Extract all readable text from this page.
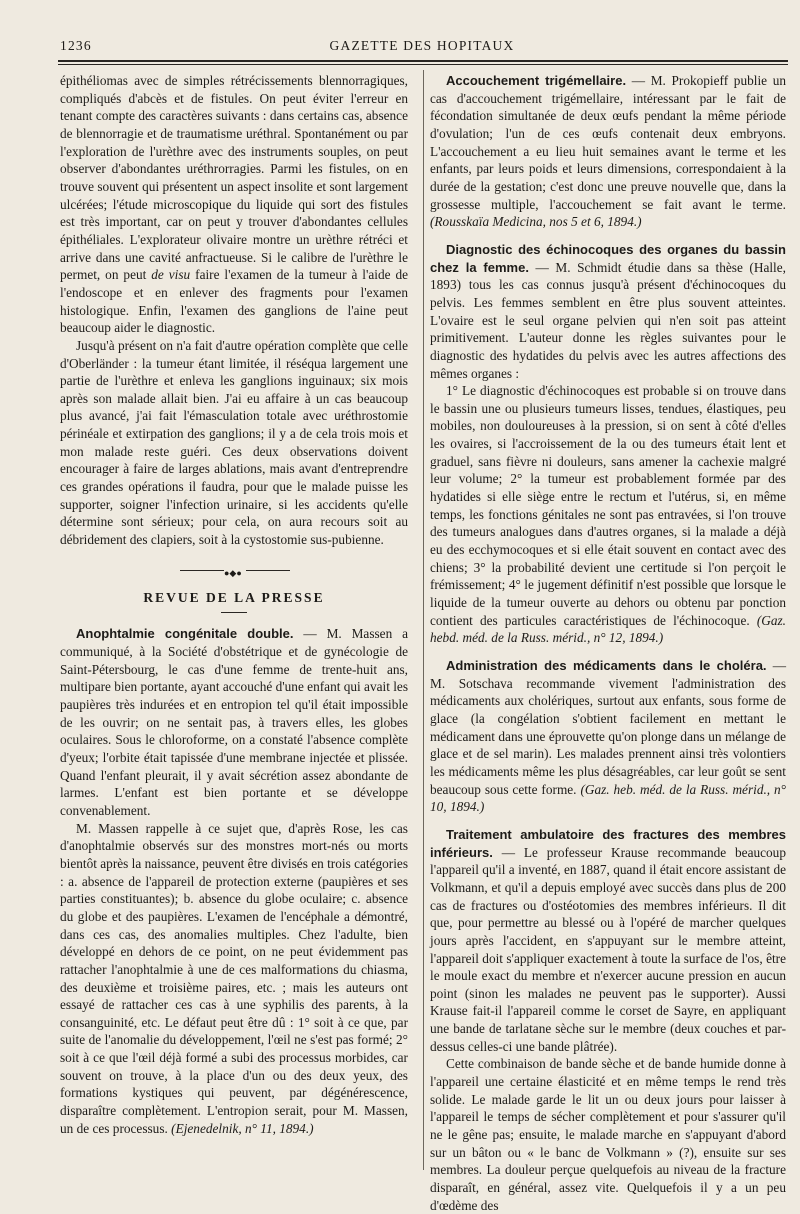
1236	GAZETTE DES HOPITAUX

épithéliomas avec de simples rétrécissements blennorragiques, compliqués d'abcès et de fistules. On peut éviter l'erreur en tenant compte des caractères suivants : dans certains cas, absence de blennorragie et de traumatisme uréthral. Spontanément ou par l'exploration de l'urèthre avec des instruments souples, on peut observer d'abondantes uréthrorragies. Parmi les fistules, on en trouve souvent qui présentent un aspect insolite et sont largement ulcérées; l'étude microscopique du liquide qui sort des fistules est très important, car on peut y trouver d'abondantes cellules épithéliales. L'explorateur olivaire montre un urèthre rétréci et arrive dans une cavité anfractueuse. Si le calibre de l'urèthre le permet, on peut de visu faire l'examen de la tumeur à l'aide de l'endoscope et en enlever des fragments pour l'examen histologique. Enfin, l'examen des ganglions de l'aine peut beaucoup aider le diagnostic.

Jusqu'à présent on n'a fait d'autre opération complète que celle d'Oberländer : la tumeur étant limitée, il réséqua largement une partie de l'urèthre et enleva les ganglions inguinaux; six mois après son malade allait bien. J'ai eu affaire à un cas beaucoup plus avancé, j'ai fait l'émasculation totale avec uréthrostomie périnéale et extirpation des ganglions; il y a de cela trois mois et mon malade reste guéri. Ces deux observations doivent encourager à faire de larges ablations, mais avant d'entreprendre ces grandes opérations il faudra, pour que le malade puisse les supporter, soigner l'infection urinaire, si les accidents qu'elle détermine sont sérieux; pour cela, on aura recours soit au débridement des clapiers, soit à la cystostomie sus-pubienne.

●◆●
REVUE DE LA PRESSE

Anophtalmie congénitale double. — M. Massen a communiqué, à la Société d'obstétrique et de gynécologie de Saint-Pétersbourg, le cas d'une femme de trente-huit ans, multipare bien portante, ayant accouché d'une enfant qui avait les paupières très indurées et en entropion tel qu'il était impossible de les ouvrir; on ne sentait pas, à travers elles, les globes oculaires. Sous le chloroforme, on a constaté l'absence complète d'yeux; l'orbite était tapissée d'une membrane injectée et plissée. Quand l'enfant pleurait, il y avait sécrétion assez abondante de larmes. L'enfant est bien portante et se développe convenablement.

M. Massen rappelle à ce sujet que, d'après Rose, les cas d'anophtalmie observés sur des monstres mort-nés ou morts bientôt après la naissance, peuvent être divisés en trois catégories : a. absence de l'appareil de protection externe (paupières et ses parties constituantes); b. absence du globe oculaire; c. absence du globe et des paupières. L'examen de l'encéphale a démontré, dans ces cas, des anomalies multiples. Chez l'adulte, bien développé en dehors de ce point, on ne peut évidemment pas rattacher l'anophtalmie à une de ces malformations du chiasma, des deuxième et troisième paires, etc. ; mais les auteurs ont essayé de rattacher ces cas à une syphilis des parents, à la consanguinité, etc. Le défaut peut être dû : 1° soit à ce que, par suite de l'anomalie du développement, l'œil ne s'est pas formé; 2° soit à ce que l'œil déjà formé a subi des processus morbides, car souvent on trouve, à la place d'un ou des deux yeux, des formations kystiques qui peuvent, par dégénérescence, disparaître complètement. L'entropion serait, pour M. Massen, un de ces processus. (Ejenedelnik, n° 11, 1894.)

Accouchement trigémellaire. — M. Prokopieff publie un cas d'accouchement trigémellaire, intéressant par le fait de fécondation simultanée de deux œufs pendant la même période d'ovulation; l'un de ces œufs contenait deux embryons. L'accouchement a eu lieu huit semaines avant le terme et les enfants, par leurs poids et leurs dimensions, correspondaient à la durée de la gestation; c'est donc une preuve nouvelle que, dans la grossesse multiple, l'accouchement se fait avant le terme. (Rousskaïa Medicina, nos 5 et 6, 1894.)

Diagnostic des échinocoques des organes du bassin chez la femme. — M. Schmidt étudie dans sa thèse (Halle, 1893) tous les cas connus jusqu'à présent d'échinocoques du pelvis. Les femmes semblent en être plus souvent atteintes. L'ovaire est le seul organe pelvien qui n'en soit pas atteint primitivement. L'auteur donne les règles suivantes pour le diagnostic des hydatides du pelvis avec les autres affections des mêmes organes :

1° Le diagnostic d'échinocoques est probable si on trouve dans le bassin une ou plusieurs tumeurs lisses, tendues, élastiques, peu mobiles, non douloureuses à la pression, si on sent à côté d'elles les ovaires, si l'accroissement de la ou des tumeurs était lent et graduel, sans fièvre ni douleurs, sans amener la cachexie malgré leur volume; 2° la tumeur est probablement formée par des hydatides si elle siège entre le rectum et l'utérus, si, en même temps, les fonctions génitales ne sont pas entravées, si l'on trouve des tumeurs analogues dans d'autres organes, si la malade a déjà eu des ecchymocoques et si elle était souvent en contact avec des chiens; 3° la probabilité devient une certitude si l'on perçoit le frémissement; 4° le jugement définitif n'est possible que lorsque le liquide de la tumeur ouverte au dehors ou obtenu par ponction contient des particules caractéristiques de l'échinocoque. (Gaz. hebd. méd. de la Russ. mérid., n° 12, 1894.)

Administration des médicaments dans le choléra. — M. Sotschava recommande vivement l'administration des médicaments aux cholériques, surtout aux enfants, sous forme de glace (la congélation s'obtient facilement en mettant le médicament dans une éprouvette qu'on plonge dans un mélange de glace et de sel marin). Les malades prennent ainsi très volontiers les médicaments même les plus désagréables, car leur goût se sent beaucoup sous cette forme. (Gaz. heb. méd. de la Russ. mérid., n° 10, 1894.)

Traitement ambulatoire des fractures des membres inférieurs. — Le professeur Krause recommande beaucoup l'appareil qu'il a inventé, en 1887, quand il était encore assistant de Volkmann, et qu'il a depuis employé avec succès dans plus de 200 cas de fractures ou d'ostéotomies des membres inférieurs. Il dit que, pour permettre au blessé ou à l'opéré de marcher quelques jours après l'accident, en s'appuyant sur le membre atteint, l'appareil doit s'appliquer exactement à toute la surface de l'os, être le moule exact du membre et n'exercer aucune pression en aucun point (sinon les malades ne peuvent pas le supporter). Aussi Krause fait-il l'appareil comme le corset de Sayre, en appliquant une bande de tarlatane sèche sur le membre (deux couches et par-dessus celles-ci une bande plâtrée).

Cette combinaison de bande sèche et de bande humide donne à l'appareil une certaine élasticité et en même temps le rend très solide. Le malade garde le lit un ou deux jours pour laisser à l'appareil le temps de sécher complètement et pour s'assurer qu'il ne le gêne pas; ensuite, le malade marche en s'appuyant d'abord sur un bâton ou « le banc de Volkmann » (?), ensuite sur ses membres. La douleur perçue quelquefois au niveau de la fracture disparaît, en général, assez vite. Quelquefois il y a un peu d'œdème des
